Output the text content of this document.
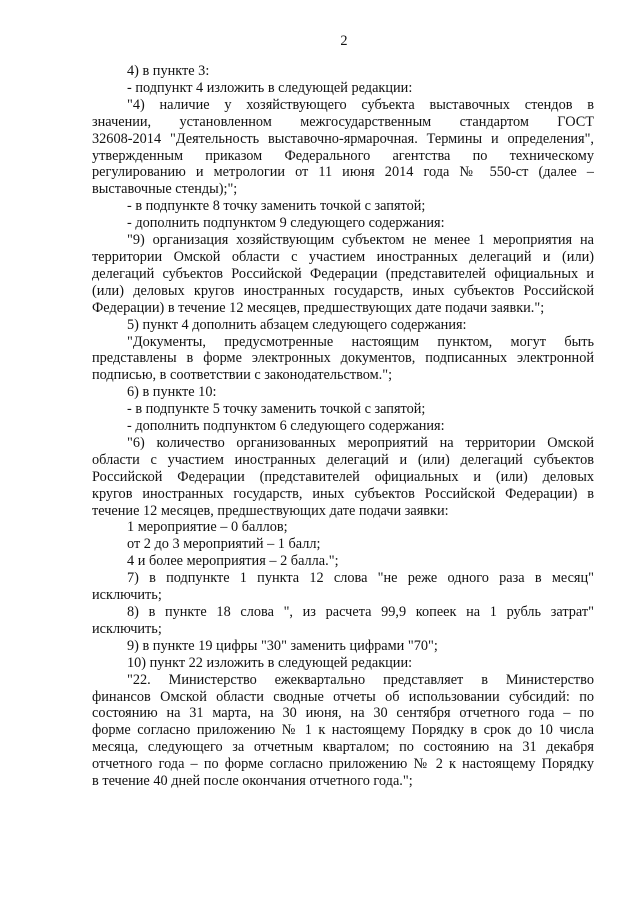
2
4) в пункте 3:
- подпункт 4 изложить в следующей редакции:
"4) наличие у хозяйствующего субъекта выставочных стендов в
значении, установленном межгосударственным стандартом ГОСТ
32608-2014 "Деятельность выставочно-ярмарочная. Термины и определения",
утвержденным приказом Федерального агентства по техническому
регулированию и метрологии от 11 июня 2014 года № 550-ст (далее –
выставочные стенды);";
- в подпункте 8 точку заменить точкой с запятой;
- дополнить подпунктом 9 следующего содержания:
"9) организация хозяйствующим субъектом не менее 1 мероприятия на
территории Омской области с участием иностранных делегаций и (или)
делегаций субъектов Российской Федерации (представителей официальных и
(или) деловых кругов иностранных государств, иных субъектов Российской
Федерации) в течение 12 месяцев, предшествующих дате подачи заявки.";
5) пункт 4 дополнить абзацем следующего содержания:
"Документы, предусмотренные настоящим пунктом, могут быть
представлены в форме электронных документов, подписанных электронной
подписью, в соответствии с законодательством.";
6) в пункте 10:
- в подпункте 5 точку заменить точкой с запятой;
- дополнить подпунктом 6 следующего содержания:
"6) количество организованных мероприятий на территории Омской
области с участием иностранных делегаций и (или) делегаций субъектов
Российской Федерации (представителей официальных и (или) деловых
кругов иностранных государств, иных субъектов Российской Федерации) в
течение 12 месяцев, предшествующих дате подачи заявки:
1 мероприятие – 0 баллов;
от 2 до 3 мероприятий – 1 балл;
4 и более мероприятия – 2 балла.";
7) в подпункте 1 пункта 12 слова "не реже одного раза в месяц"
исключить;
8) в пункте 18 слова ", из расчета 99,9 копеек на 1 рубль затрат"
исключить;
9) в пункте 19 цифры "30" заменить цифрами "70";
10) пункт 22 изложить в следующей редакции:
"22. Министерство ежеквартально представляет в Министерство
финансов Омской области сводные отчеты об использовании субсидий: по
состоянию на 31 марта, на 30 июня, на 30 сентября отчетного года – по
форме согласно приложению № 1 к настоящему Порядку в срок до 10 числа
месяца, следующего за отчетным кварталом; по состоянию на 31 декабря
отчетного года – по форме согласно приложению № 2 к настоящему Порядку
в течение 40 дней после окончания отчетного года.";
